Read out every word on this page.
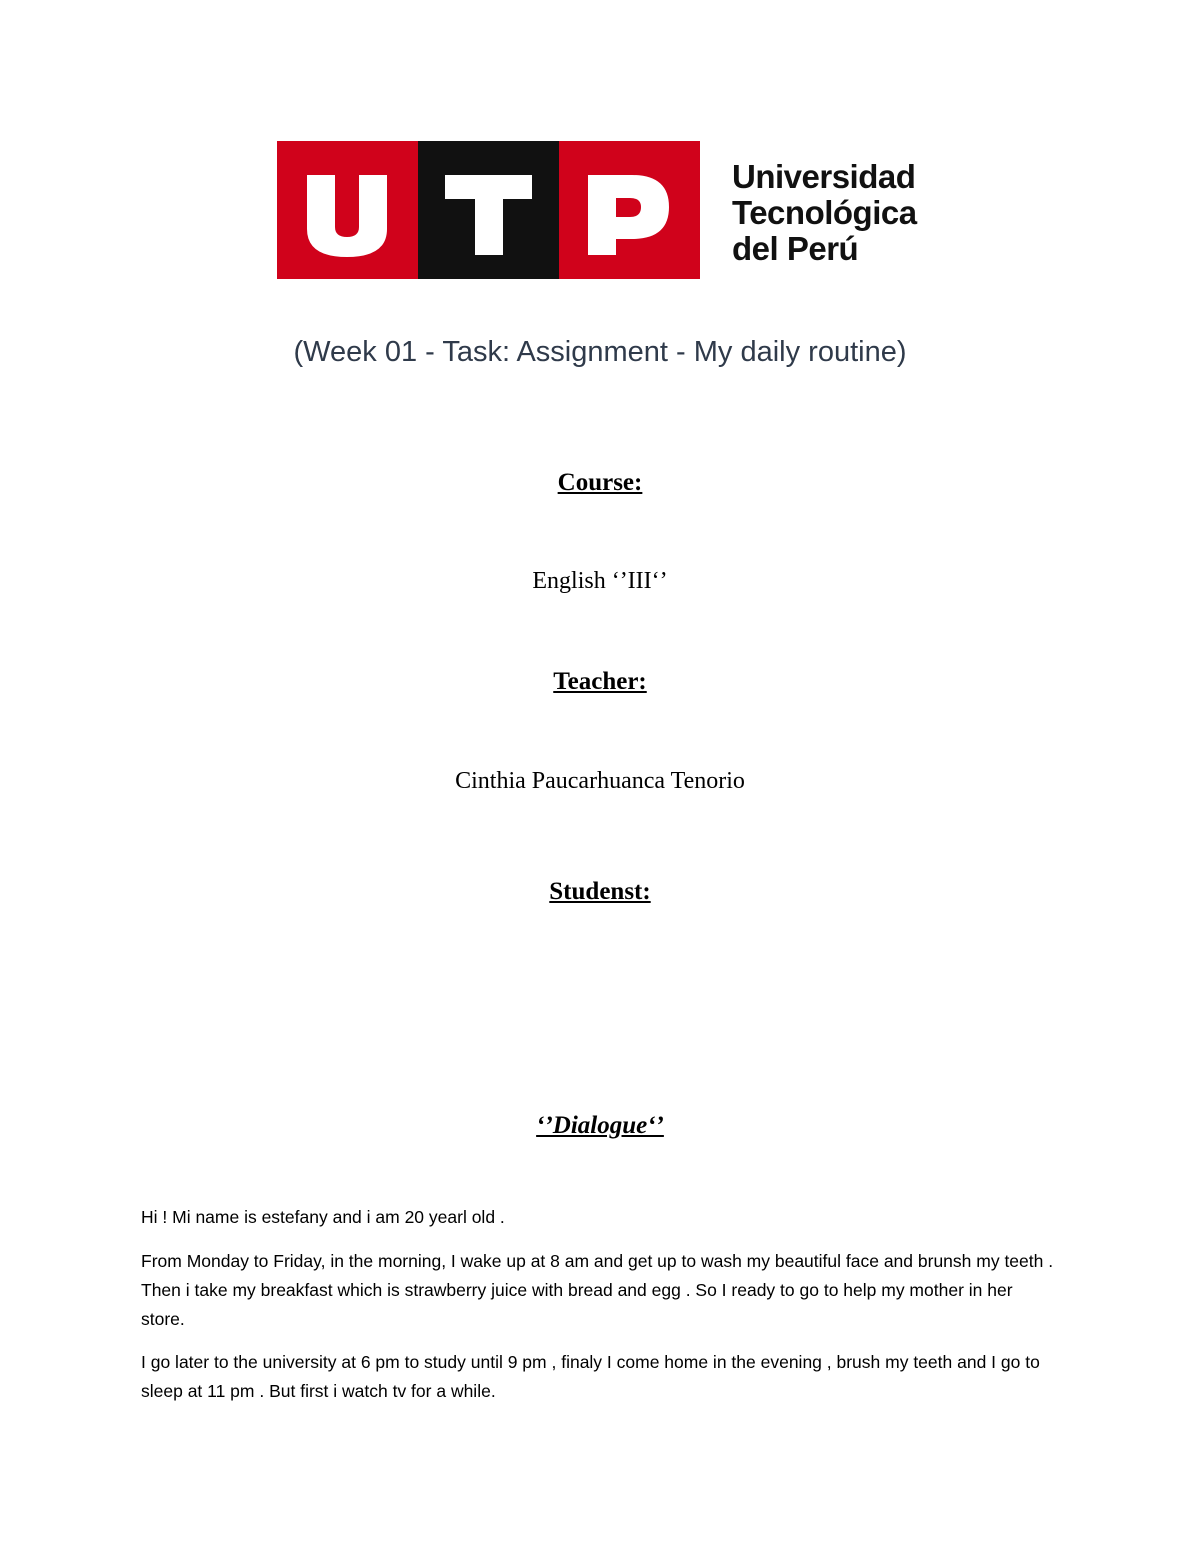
Universidad
Tecnológica
del Perú
(Week 01 - Task: Assignment - My daily routine)
Course:
English ‘’III‘’
Teacher:
Cinthia Paucarhuanca Tenorio
Studenst:
‘’Dialogue‘’

Hi ! Mi name is estefany and i am 20 yearl old .

From Monday to Friday, in the morning, I wake up at 8 am and get up to wash my beautiful face and brunsh my teeth . Then i take my breakfast which is strawberry juice with bread and egg . So I ready to go to help my mother in her store.

I go later to the university at 6 pm to study until 9 pm , finaly I come home in the evening , brush my teeth and I go to sleep at 11 pm . But first i watch tv for a while.
